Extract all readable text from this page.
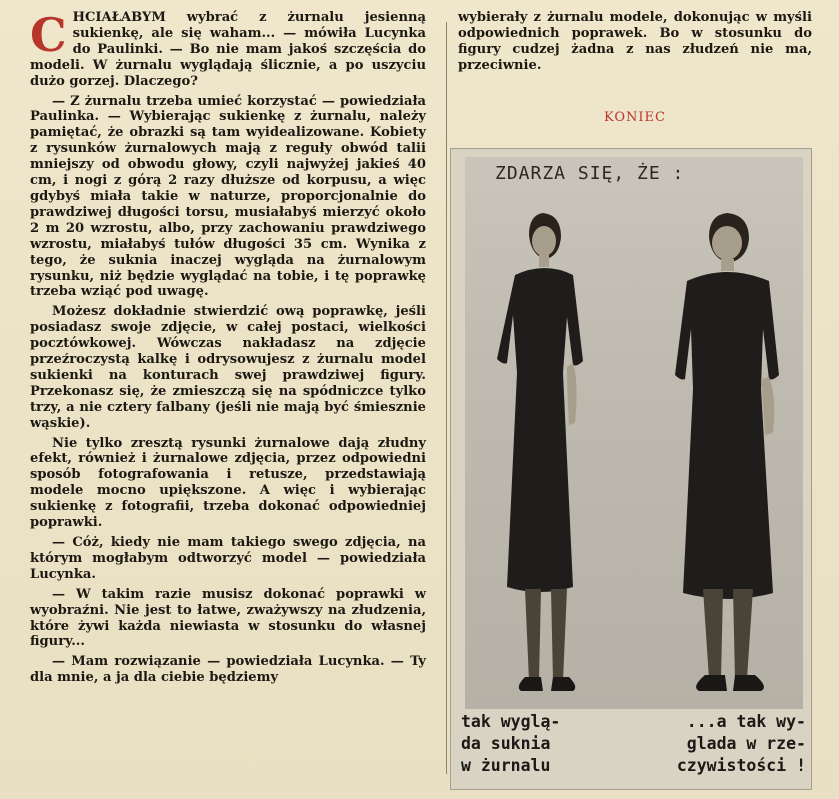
CHCIAŁABYM wybrać z żurnalu jesienną sukienkę, ale się waham... — mówiła Lucynka do Paulinki. — Bo nie mam jakoś szczęścia do modeli. W żurnalu wyglądają ślicznie, a po uszyciu dużo gorzej. Dlaczego?

— Z żurnalu trzeba umieć korzystać — powiedziała Paulinka. — Wybierając sukienkę z żurnalu, należy pamiętać, że obrazki są tam wyidealizowane. Kobiety z rysunków żurnalowych mają z reguły obwód talii mniejszy od obwodu głowy, czyli najwyżej jakieś 40 cm, i nogi z górą 2 razy dłuższe od korpusu, a więc gdybyś miała takie w naturze, proporcjonalnie do prawdziwej długości torsu, musiałabyś mierzyć około 2 m 20 wzrostu, albo, przy zachowaniu prawdziwego wzrostu, miałabyś tułów długości 35 cm. Wynika z tego, że suknia inaczej wygląda na żurnalowym rysunku, niż będzie wyglądać na tobie, i tę poprawkę trzeba wziąć pod uwagę.

Możesz dokładnie stwierdzić ową poprawkę, jeśli posiadasz swoje zdjęcie, w całej postaci, wielkości pocztówkowej. Wówczas nakładasz na zdjęcie przeźroczystą kalkę i odrysowujesz z żurnalu model sukienki na konturach swej prawdziwej figury. Przekonasz się, że zmieszczą się na spódniczce tylko trzy, a nie cztery falbany (jeśli nie mają być śmiesznie wąskie).

Nie tylko zresztą rysunki żurnalowe dają złudny efekt, również i żurnalowe zdjęcia, przez odpowiedni sposób fotografowania i retusze, przedstawiają modele mocno upiększone. A więc i wybierając sukienkę z fotografii, trzeba dokonać odpowiedniej poprawki.

— Cóż, kiedy nie mam takiego swego zdjęcia, na którym mogłabym odtworzyć model — powiedziała Lucynka.

— W takim razie musisz dokonać poprawki w wyobraźni. Nie jest to łatwe, zważywszy na złudzenia, które żywi każda niewiasta w stosunku do własnej figury...

— Mam rozwiązanie — powiedziała Lucynka. — Ty dla mnie, a ja dla ciebie będziemy

wybierały z żurnalu modele, dokonując w myśli odpowiednich poprawek. Bo w stosunku do figury cudzej żadna z nas złudzeń nie ma, przeciwnie.

KONIEC
ZDARZA SIĘ, ŻE :
tak wyglą-
da suknia
w żurnalu
...a tak wy-
glada w rze-
czywistości !
